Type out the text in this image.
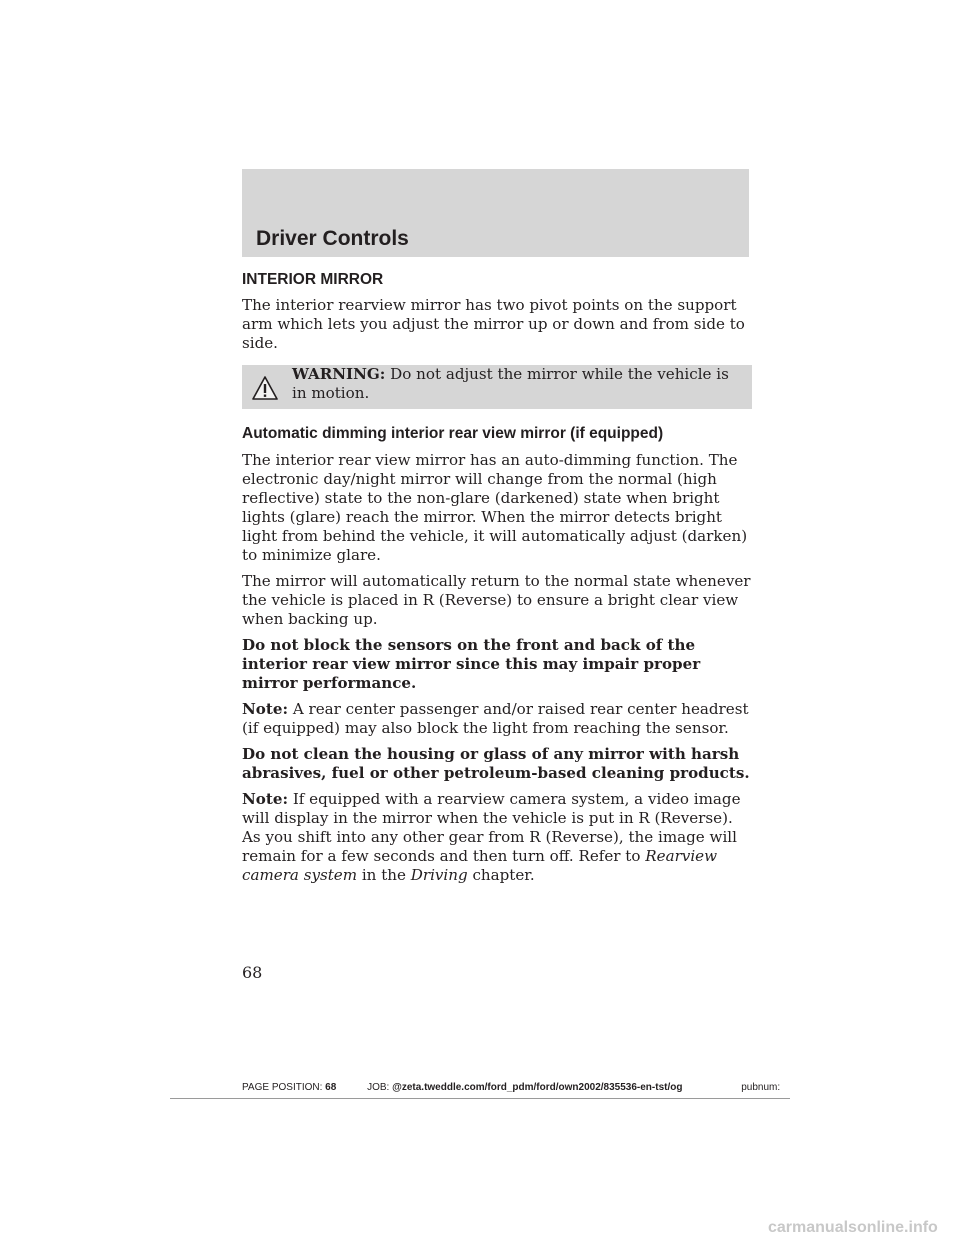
Driver Controls
INTERIOR MIRROR

The interior rearview mirror has two pivot points on the support arm which lets you adjust the mirror up or down and from side to side.

WARNING: Do not adjust the mirror while the vehicle is in motion.
Automatic dimming interior rear view mirror (if equipped)

The interior rear view mirror has an auto-dimming function. The electronic day/night mirror will change from the normal (high reflective) state to the non-glare (darkened) state when bright lights (glare) reach the mirror. When the mirror detects bright light from behind the vehicle, it will automatically adjust (darken) to minimize glare.

The mirror will automatically return to the normal state whenever the vehicle is placed in R (Reverse) to ensure a bright clear view when backing up.

Do not block the sensors on the front and back of the interior rear view mirror since this may impair proper mirror performance.

Note: A rear center passenger and/or raised rear center headrest (if equipped) may also block the light from reaching the sensor.

Do not clean the housing or glass of any mirror with harsh abrasives, fuel or other petroleum-based cleaning products.

Note: If equipped with a rearview camera system, a video image will display in the mirror when the vehicle is put in R (Reverse). As you shift into any other gear from R (Reverse), the image will remain for a few seconds and then turn off. Refer to Rearview camera system in the Driving chapter.

68
PAGE POSITION: 68	JOB: @zeta.tweddle.com/ford_pdm/ford/own2002/835536-en-tst/og	pubnum:
carmanualsonline.info
